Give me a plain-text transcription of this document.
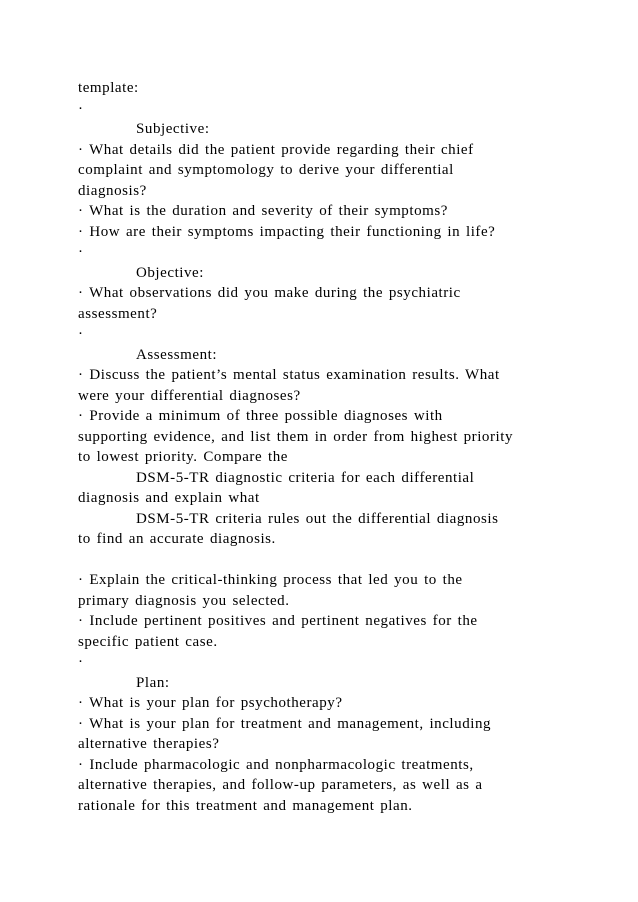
template:
·
Subjective:
· What details did the patient provide regarding their chief
complaint and symptomology to derive your differential
diagnosis?
· What is the duration and severity of their symptoms?
· How are their symptoms impacting their functioning in life?
·
Objective:
· What observations did you make during the psychiatric
assessment?
·
Assessment:
· Discuss the patient’s mental status examination results. What
were your differential diagnoses?
· Provide a minimum of three possible diagnoses with
supporting evidence, and list them in order from highest priority
to lowest priority. Compare the
DSM-5-TR diagnostic criteria for each differential
diagnosis and explain what
DSM-5-TR criteria rules out the differential diagnosis
to find an accurate diagnosis.
· Explain the critical-thinking process that led you to the
primary diagnosis you selected.
· Include pertinent positives and pertinent negatives for the
specific patient case.
·
Plan:
· What is your plan for psychotherapy?
· What is your plan for treatment and management, including
alternative therapies?
· Include pharmacologic and nonpharmacologic treatments,
alternative therapies, and follow-up parameters, as well as a
rationale for this treatment and management plan.
